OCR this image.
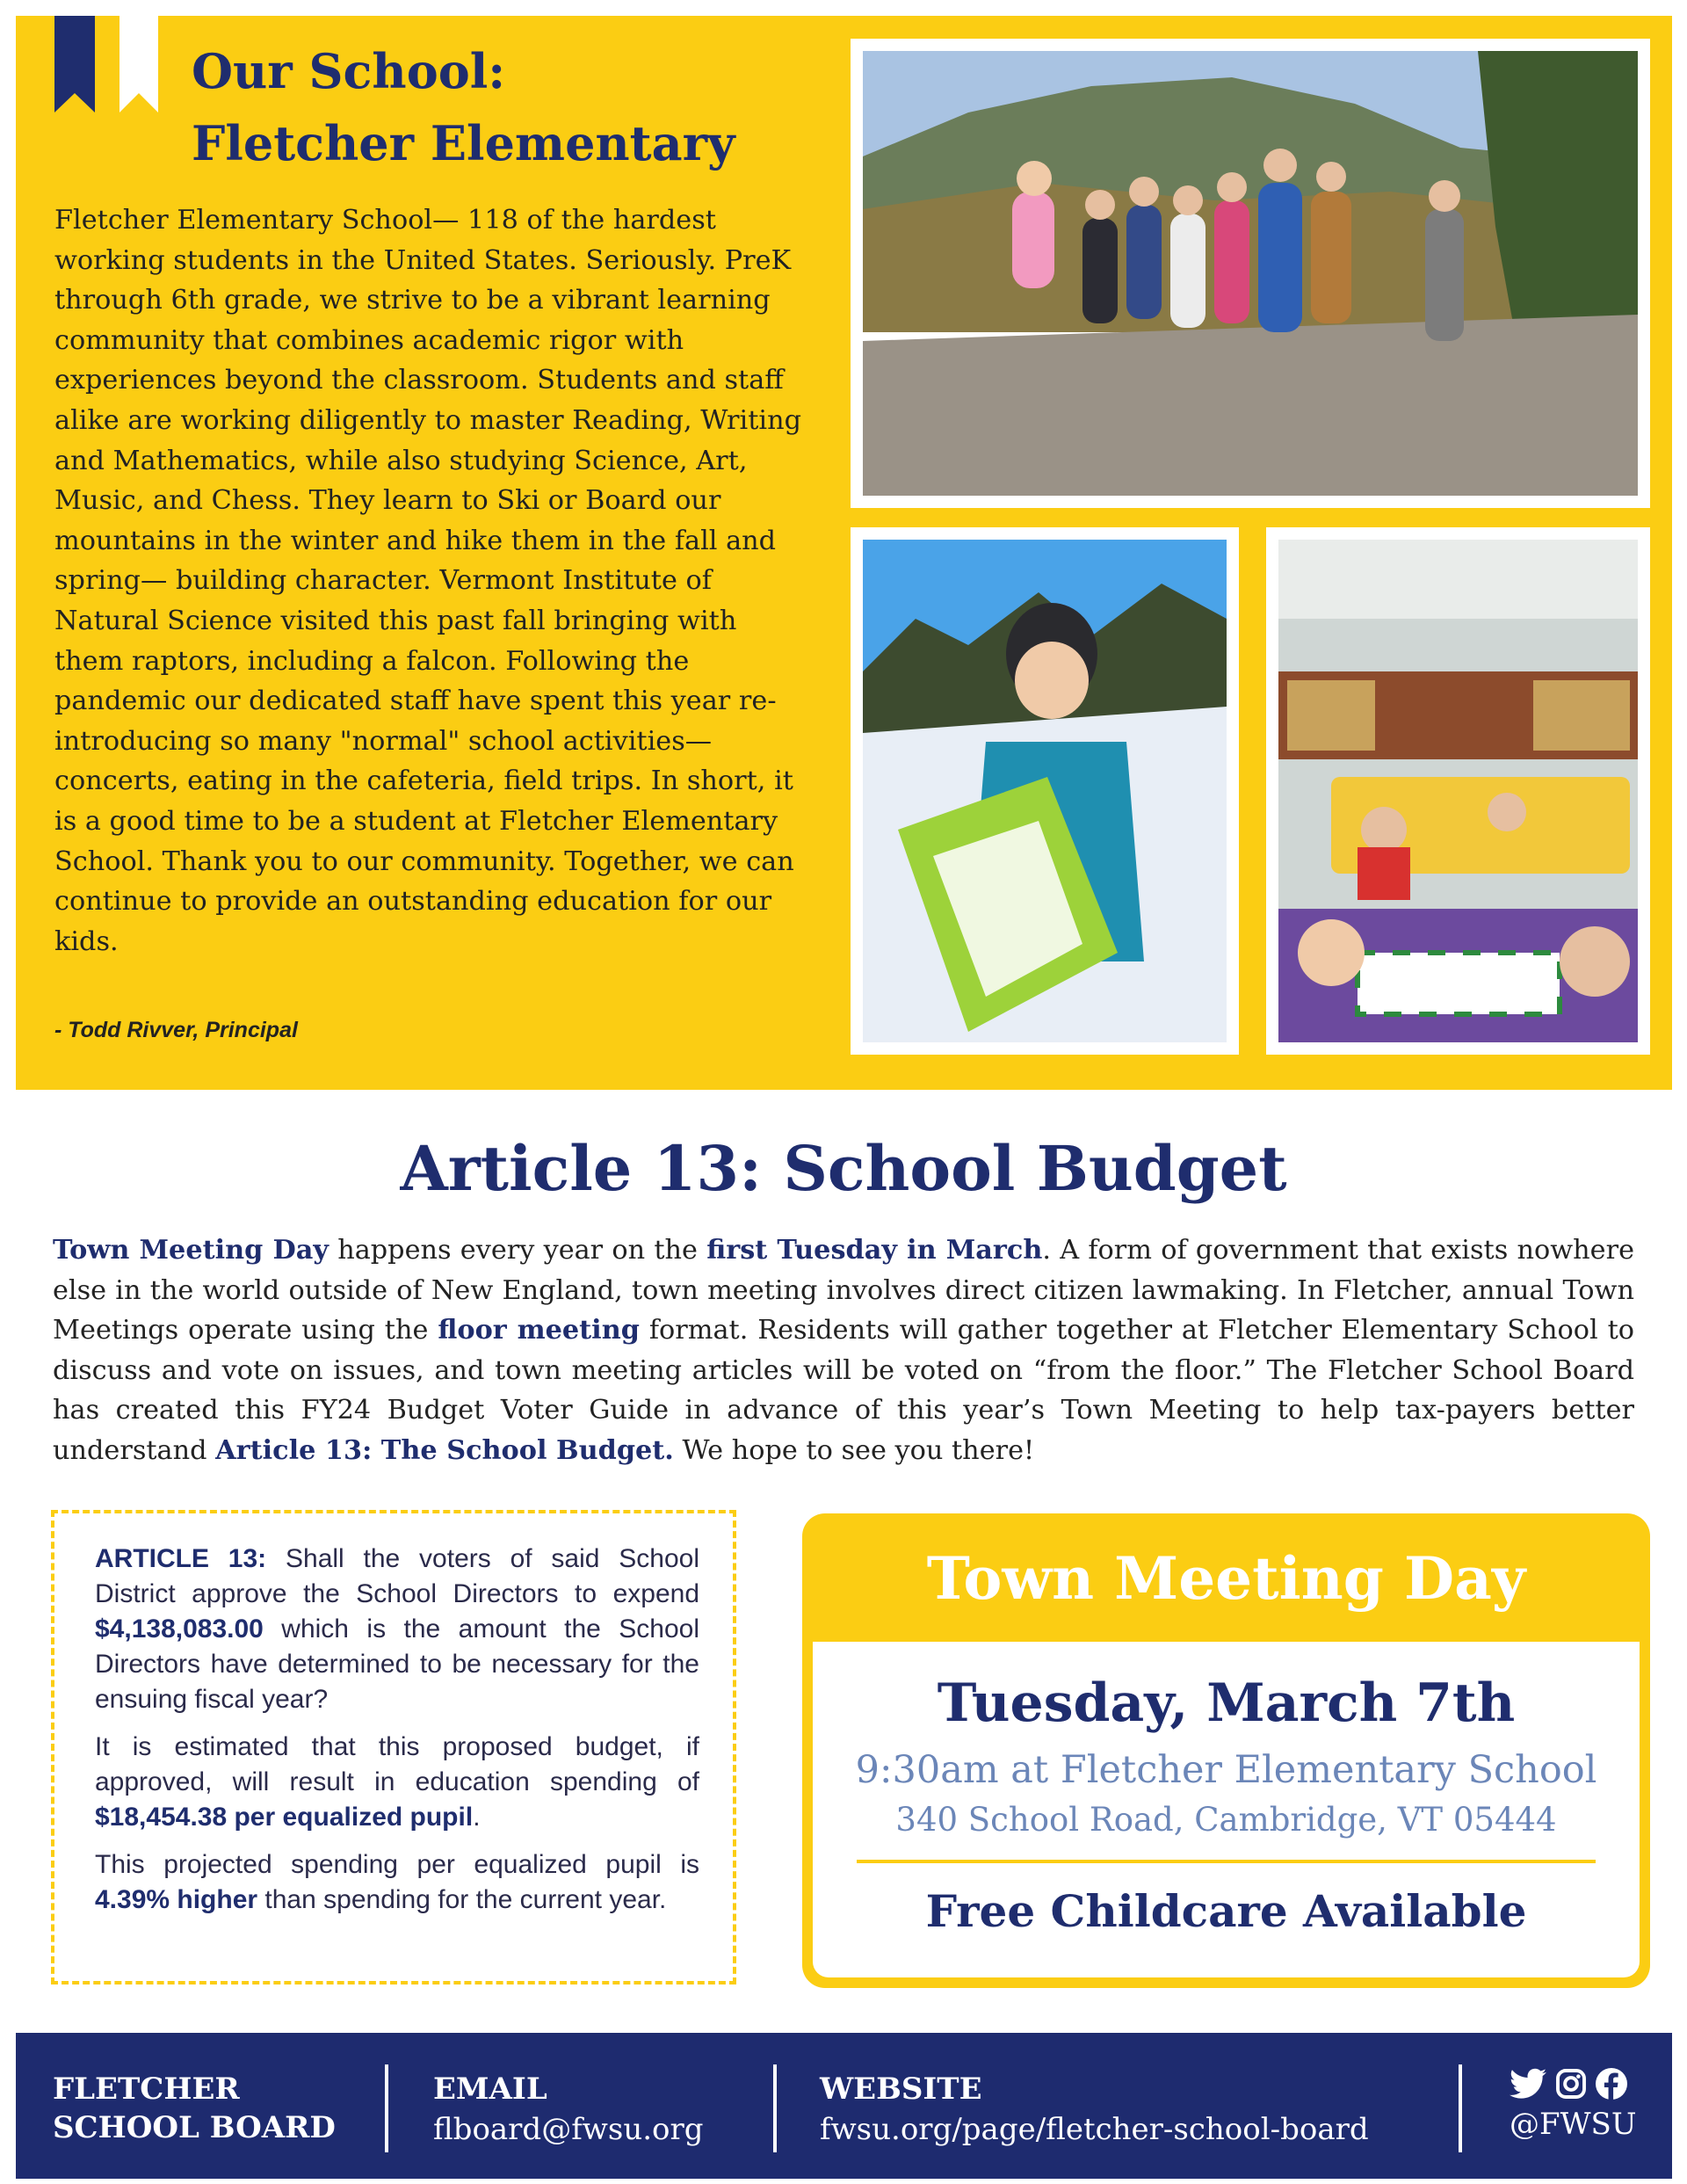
Our School:
Fletcher Elementary

Fletcher Elementary School— 118 of the hardest working students in the United States. Seriously. PreK through 6th grade, we strive to be a vibrant learning community that combines academic rigor with experiences beyond the classroom. Students and staff alike are working diligently to master Reading, Writing and Mathematics, while also studying Science, Art, Music, and Chess. They learn to Ski or Board our mountains in the winter and hike them in the fall and spring— building character. Vermont Institute of Natural Science visited this past fall bringing with them raptors, including a falcon. Following the pandemic our dedicated staff have spent this year re-introducing so many "normal" school activities— concerts, eating in the cafeteria, field trips. In short, it is a good time to be a student at Fletcher Elementary School. Thank you to our community. Together, we can continue to provide an outstanding education for our kids.

- Todd Rivver, Principal
Article 13: School Budget

Town Meeting Day happens every year on the first Tuesday in March. A form of government that exists nowhere else in the world outside of New England, town meeting involves direct citizen lawmaking. In Fletcher, annual Town Meetings operate using the floor meeting format. Residents will gather together at Fletcher Elementary School to discuss and vote on issues, and town meeting articles will be voted on “from the floor.” The Fletcher School Board has created this FY24 Budget Voter Guide in advance of this year’s Town Meeting to help tax-payers better understand Article 13: The School Budget. We hope to see you there!

ARTICLE 13: Shall the voters of said School District approve the School Directors to expend $4,138,083.00 which is the amount the School Directors have determined to be necessary for the ensuing fiscal year?

It is estimated that this proposed budget, if approved, will result in education spending of $18,454.38 per equalized pupil.

This projected spending per equalized pupil is 4.39% higher than spending for the current year.

Town Meeting Day
Tuesday, March 7th
9:30am at Fletcher Elementary School
340 School Road, Cambridge, VT 05444
Free Childcare Available
FLETCHER
SCHOOL BOARD
EMAIL
flboard@fwsu.org
WEBSITE
fwsu.org/page/fletcher-school-board	@FWSU
